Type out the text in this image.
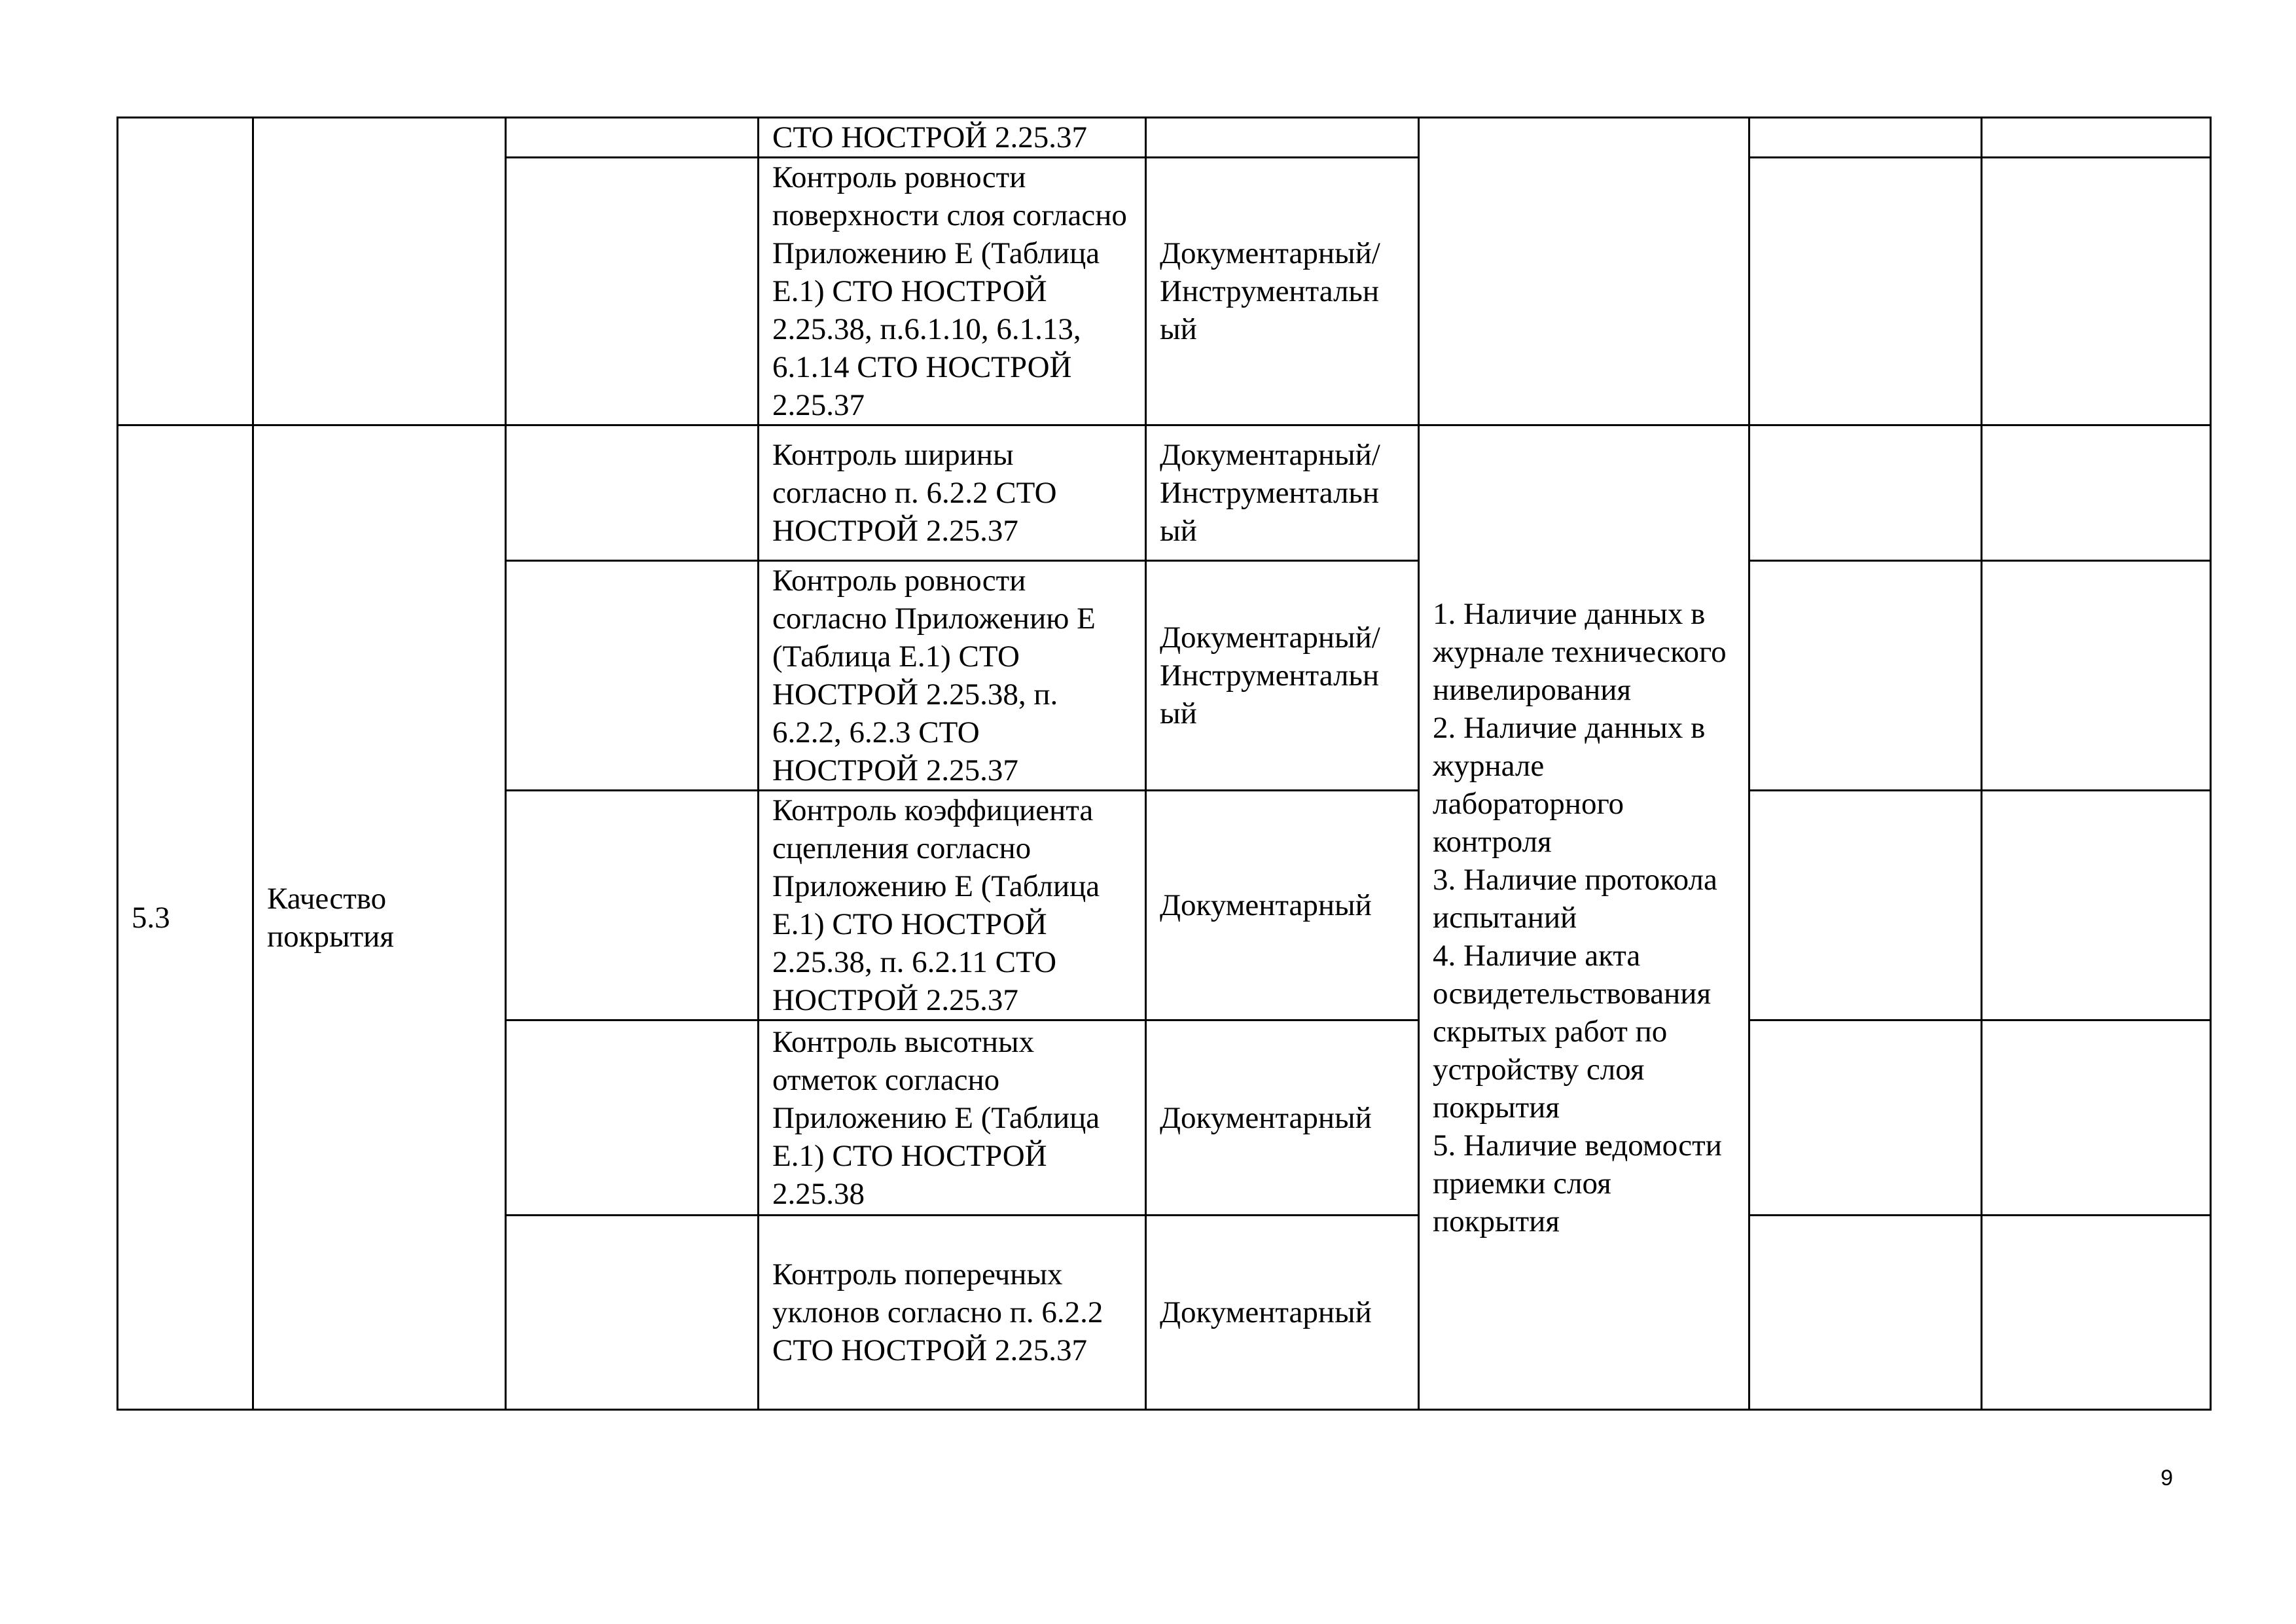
			СТО НОСТРОЙ 2.25.37				
			Контроль ровности поверхности слоя согласно Приложению Е (Таблица Е.1) СТО НОСТРОЙ 2.25.38, п.6.1.10, 6.1.13, 6.1.14 СТО НОСТРОЙ 2.25.37	Документарный/ Инструментальн ый			
5.3	Качество покрытия		Контроль ширины согласно п. 6.2.2 СТО НОСТРОЙ 2.25.37	Документарный/ Инструментальн ый	1. Наличие данных в журнале технического нивелирования
2. Наличие данных в журнале лабораторного контроля
3. Наличие протокола испытаний
4. Наличие акта освидетельствования скрытых работ по устройству слоя покрытия
5. Наличие ведомости приемки слоя покрытия		
			Контроль ровности согласно Приложению Е (Таблица Е.1) СТО НОСТРОЙ 2.25.38, п. 6.2.2, 6.2.3 СТО НОСТРОЙ 2.25.37	Документарный/ Инструментальн ый			
			Контроль коэффициента сцепления согласно Приложению Е (Таблица Е.1) СТО НОСТРОЙ 2.25.38, п. 6.2.11 СТО НОСТРОЙ 2.25.37	Документарный			
			Контроль высотных отметок согласно Приложению Е (Таблица Е.1) СТО НОСТРОЙ 2.25.38	Документарный			
			Контроль поперечных уклонов согласно п. 6.2.2 СТО НОСТРОЙ 2.25.37	Документарный			
9
